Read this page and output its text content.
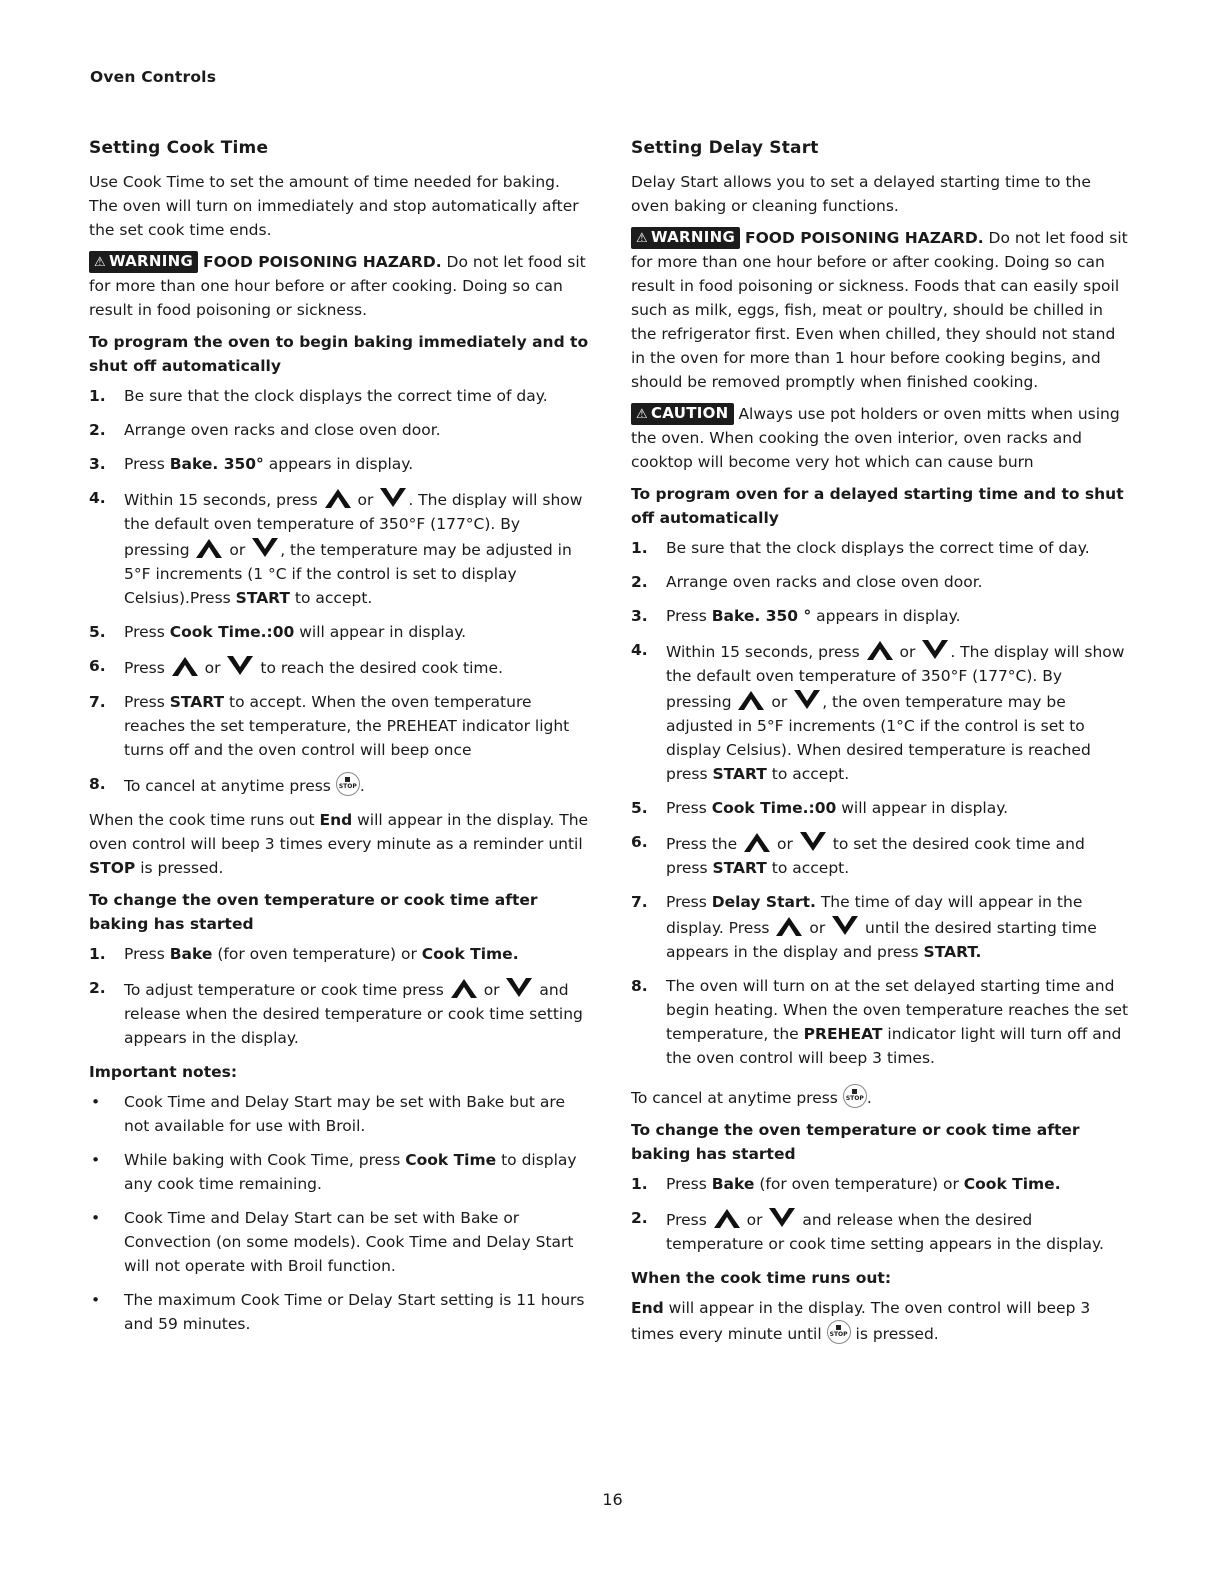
Oven Controls
Setting Cook Time

Use Cook Time to set the amount of time needed for baking. The oven will turn on immediately and stop automatically after the set cook time ends.

⚠ WARNING FOOD POISONING HAZARD. Do not let food sit for more than one hour before or after cooking. Doing so can result in food poisoning or sickness.

To program the oven to begin baking immediately and to shut off automatically
1. Be sure that the clock displays the correct time of day.
2. Arrange oven racks and close oven door.
3. Press Bake. 350° appears in display.
4. Within 15 seconds, press
or
. The display will show the default oven temperature of 350°F (177°C). By pressing
or
, the temperature may be adjusted in 5°F increments (1 °C if the control is set to display Celsius).Press START to accept.
5. Press Cook Time.:00 will appear in display.
6. Press
or
to reach the desired cook time.
7. Press START to accept. When the oven temperature reaches the set temperature, the PREHEAT indicator light turns off and the oven control will beep once
8. To cancel at anytime press STOP .

When the cook time runs out End will appear in the display. The oven control will beep 3 times every minute as a reminder until STOP is pressed.

To change the oven temperature or cook time after baking has started
1. Press Bake (for oven temperature) or Cook Time.
2. To adjust temperature or cook time press
or
and release when the desired temperature or cook time setting appears in the display.
Important notes:
• Cook Time and Delay Start may be set with Bake but are not available for use with Broil.
• While baking with Cook Time, press Cook Time to display any cook time remaining.
• Cook Time and Delay Start can be set with Bake or Convection (on some models). Cook Time and Delay Start will not operate with Broil function.
• The maximum Cook Time or Delay Start setting is 11 hours and 59 minutes.
Setting Delay Start

Delay Start allows you to set a delayed starting time to the oven baking or cleaning functions.

⚠ WARNING FOOD POISONING HAZARD. Do not let food sit for more than one hour before or after cooking. Doing so can result in food poisoning or sickness. Foods that can easily spoil such as milk, eggs, fish, meat or poultry, should be chilled in the refrigerator first. Even when chilled, they should not stand in the oven for more than 1 hour before cooking begins, and should be removed promptly when finished cooking.

⚠ CAUTION Always use pot holders or oven mitts when using the oven. When cooking the oven interior, oven racks and cooktop will become very hot which can cause burn

To program oven for a delayed starting time and to shut off automatically
1. Be sure that the clock displays the correct time of day.
2. Arrange oven racks and close oven door.
3. Press Bake. 350 ° appears in display.
4. Within 15 seconds, press
or
. The display will show the default oven temperature of 350°F (177°C). By pressing
or
, the oven temperature may be adjusted in 5°F increments (1°C if the control is set to display Celsius). When desired temperature is reached press START to accept.
5. Press Cook Time.:00 will appear in display.
6. Press the
or
to set the desired cook time and press START to accept.
7. Press Delay Start. The time of day will appear in the display. Press
or
until the desired starting time appears in the display and press START.
8. The oven will turn on at the set delayed starting time and begin heating. When the oven temperature reaches the set temperature, the PREHEAT indicator light will turn off and the oven control will beep 3 times.

To cancel at anytime press STOP .

To change the oven temperature or cook time after baking has started
1. Press Bake (for oven temperature) or Cook Time.
2. Press
or
and release when the desired temperature or cook time setting appears in the display.
When the cook time runs out:

End will appear in the display. The oven control will beep 3 times every minute until STOP is pressed.

16
